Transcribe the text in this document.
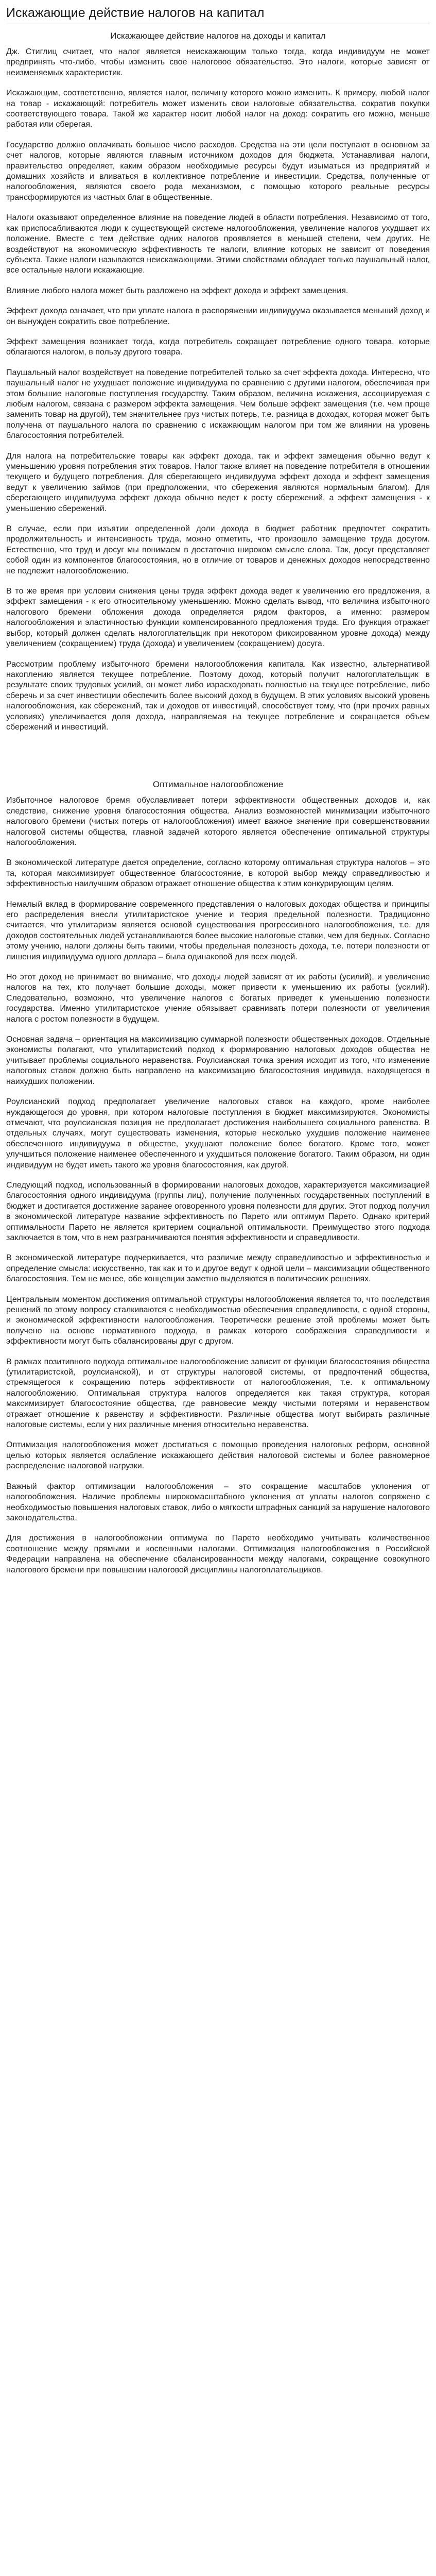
Искажающие действие налогов на капитал
Искажающее действие налогов на доходы и капитал

Дж. Стиглиц считает, что налог является неискажающим только тогда, когда индивидуум не может предпринять что-либо, чтобы изменить свое налоговое обязательство. Это налоги, которые зависят от неизменяемых характеристик.

Искажающим, соответственно, является налог, величину которого можно изменить. К примеру, любой налог на товар - искажающий: потребитель может изменить свои налоговые обязательства, сократив покупки соответствующего товара. Такой же характер носит любой налог на доход: сократить его можно, меньше работая или сберегая.

Государство должно оплачивать большое число расходов. Средства на эти цели поступают в основном за счет налогов, которые являются главным источником доходов для бюджета. Устанавливая налоги, правительство определяет, каким образом необходимые ресурсы будут изыматься из предприятий и домашних хозяйств и вливаться в коллективное потребление и инвестиции. Средства, полученные от налогообложения, являются своего рода механизмом, с помощью которого реальные ресурсы трансформируются из частных благ в общественные.

Налоги оказывают определенное влияние на поведение людей в области потребления. Независимо от того, как приспосабливаются люди к существующей системе налогообложения, увеличение налогов ухудшает их положение. Вместе с тем действие одних налогов проявляется в меньшей степени, чем других. Не воздействуют на экономическую эффективность те налоги, влияние которых не зависит от поведения субъекта. Такие налоги называются неискажающими. Этими свойствами обладает только паушальный налог, все остальные налоги искажающие.

Влияние любого налога может быть разложено на эффект дохода и эффект замещения.

Эффект дохода означает, что при уплате налога в распоряжении индивидуума оказывается меньший доход и он вынужден сократить свое потребление.

Эффект замещения возникает тогда, когда потребитель сокращает потребление одного товара, которые облагаются налогом, в пользу другого товара.

Паушальный налог воздействует на поведение потребителей только за счет эффекта дохода. Интересно, что паушальный налог не ухудшает положение индивидуума по сравнению с другими налогом, обеспечивая при этом большие налоговые поступления государству. Таким образом, величина искажения, ассоциируемая с любым налогом, связана с размером эффекта замещения. Чем больше эффект замещения (т.е. чем проще заменить товар на другой), тем значительнее груз чистых потерь, т.е. разница в доходах, которая может быть получена от паушального налога по сравнению с искажающим налогом при том же влиянии на уровень благосостояния потребителей.

Для налога на потребительские товары как эффект дохода, так и эффект замещения обычно ведут к уменьшению уровня потребления этих товаров. Налог также влияет на поведение потребителя в отношении текущего и будущего потребления. Для сберегающего индивидуума эффект дохода и эффект замещения ведут к увеличению займов (при предположении, что сбережения являются нормальным благом). Для сберегающего индивидуума эффект дохода обычно ведет к росту сбережений, а эффект замещения - к уменьшению сбережений.

В случае, если при изъятии определенной доли дохода в бюджет работник предпочтет сократить продолжительность и интенсивность труда, можно отметить, что произошло замещение труда досугом. Естественно, что труд и досуг мы понимаем в достаточно широком смысле слова. Так, досуг представляет собой один из компонентов благосостояния, но в отличие от товаров и денежных доходов непосредственно не подлежит налогообложению.

В то же время при условии снижения цены труда эффект дохода ведет к увеличению его предложения, а эффект замещения - к его относительному уменьшению. Можно сделать вывод, что величина избыточного налогового бремени обложения дохода определяется рядом факторов, а именно: размером налогообложения и эластичностью функции компенсированного предложения труда. Его функция отражает выбор, который должен сделать налогоплательщик при некотором фиксированном уровне дохода) между увеличением (сокращением) труда (дохода) и увеличением (сокращением) досуга.

Рассмотрим проблему избыточного бремени налогообложения капитала. Как известно, альтернативой накоплению является текущее потребление. Поэтому доход, который получит налогоплательщик в результате своих трудовых усилий, он может либо израсходовать полностью на текущее потребление, либо сберечь и за счет инвестиции обеспечить более высокий доход в будущем. В этих условиях высокий уровень налогообложения, как сбережений, так и доходов от инвестиций, способствует тому, что (при прочих равных условиях) увеличивается доля дохода, направляемая на текущее потребление и сокращается объем сбережений и инвестиций.

Оптимальное налогообложение

Избыточное налоговое бремя обуславливает потери эффективности общественных доходов и, как следствие, снижение уровня благосостояния общества. Анализ возможностей минимизации избыточного налогового бремени (чистых потерь от налогообложения) имеет важное значение при совершенствовании налоговой системы общества, главной задачей которого является обеспечение оптимальной структуры налогообложения.

В экономической литературе дается определение, согласно которому оптимальная структура налогов – это та, которая максимизирует общественное благосостояние, в которой выбор между справедливостью и эффективностью наилучшим образом отражает отношение общества к этим конкурирующим целям.

Немалый вклад в формирование современного представления о налоговых доходах общества и принципы его распределения внесли утилитаристское учение и теория предельной полезности. Традиционно считается, что утилитаризм является основой существования прогрессивного налогообложения, т.е. для доходов состоятельных людей устанавливаются более высокие налоговые ставки, чем для бедных. Согласно этому учению, налоги должны быть такими, чтобы предельная полезность дохода, т.е. потери полезности от лишения индивидуума одного доллара – была одинаковой для всех людей.

Но этот доход не принимает во внимание, что доходы людей зависят от их работы (усилий), и увеличение налогов на тех, кто получает большие доходы, может привести к уменьшению их работы (усилий). Следовательно, возможно, что увеличение налогов с богатых приведет к уменьшению полезности государства. Именно утилитаристское учение обязывает сравнивать потери полезности от увеличения налога с ростом полезности в будущем.

Основная задача – ориентация на максимизацию суммарной полезности общественных доходов. Отдельные экономисты полагают, что утилитаристский подход к формированию налоговых доходов общества не учитывает проблемы социального неравенства. Роулсианская точка зрения исходит из того, что изменение налоговых ставок должно быть направлено на максимизацию благосостояния индивида, находящегося в наихудших положении.

Роулсианский подход предполагает увеличение налоговых ставок на каждого, кроме наиболее нуждающегося до уровня, при котором налоговые поступления в бюджет максимизируются. Экономисты отмечают, что роулсианская позиция не предполагает достижения наибольшего социального равенства. В отдельных случаях, могут существовать изменения, которые несколько ухудшив положение наименее обеспеченного индивидуума в обществе, ухудшают положение более богатого. Кроме того, может улучшиться положение наименее обеспеченного и ухудшиться положение богатого. Таким образом, ни один индивидуум не будет иметь такого же уровня благосостояния, как другой.

Следующий подход, использованный в формировании налоговых доходов, характеризуется максимизацией благосостояния одного индивидуума (группы лиц), получение полученных государственных поступлений в бюджет и достигается достижение заранее оговоренного уровня полезности для других. Этот подход получил в экономической литературе название эффективность по Парето или оптимум Парето. Однако критерий оптимальности Парето не является критерием социальной оптимальности. Преимущество этого подхода заключается в том, что в нем разграничиваются понятия эффективности и справедливости.

В экономической литературе подчеркивается, что различие между справедливостью и эффективностью и определение смысла: искусственно, так как и то и другое ведут к одной цели – максимизации общественного благосостояния. Тем не менее, обе концепции заметно выделяются в политических решениях.

Центральным моментом достижения оптимальной структуры налогообложения является то, что последствия решений по этому вопросу сталкиваются с необходимостью обеспечения справедливости, с одной стороны, и экономической эффективности налогообложения. Теоретически решение этой проблемы может быть получено на основе нормативного подхода, в рамках которого соображения справедливости и эффективности могут быть сбалансированы друг с другом.

В рамках позитивного подхода оптимальное налогообложение зависит от функции благосостояния общества (утилитаристской, роулсианской), и от структуры налоговой системы, от предпочтений общества, стремящегося к сокращению потерь эффективности от налогообложения, т.е. к оптимальному налогообложению. Оптимальная структура налогов определяется как такая структура, которая максимизирует благосостояние общества, где равновесие между чистыми потерями и неравенством отражает отношение к равенству и эффективности. Различные общества могут выбирать различные налоговые системы, если у них различные мнения относительно неравенства.

Оптимизация налогообложения может достигаться с помощью проведения налоговых реформ, основной целью которых является ослабление искажающего действия налоговой системы и более равномерное распределение налоговой нагрузки.

Важный фактор оптимизации налогообложения – это сокращение масштабов уклонения от налогообложения. Наличие проблемы широкомасштабного уклонения от уплаты налогов сопряжено с необходимостью повышения налоговых ставок, либо о мягкости штрафных санкций за нарушение налогового законодательства.

Для достижения в налогообложении оптимума по Парето необходимо учитывать количественное соотношение между прямыми и косвенными налогами. Оптимизация налогообложения в Российской Федерации направлена на обеспечение сбалансированности между налогами, сокращение совокупного налогового бремени при повышении налоговой дисциплины налогоплательщиков.
